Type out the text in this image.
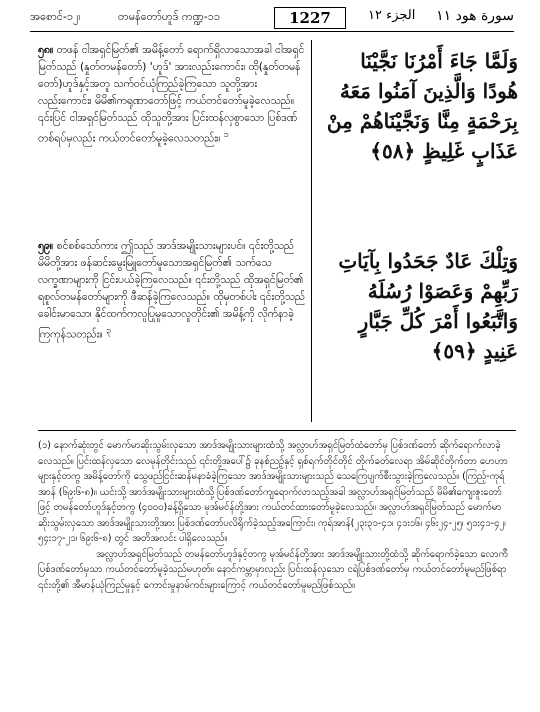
အစောင်-၁၂၊	တမန်တော်ဟူဒ် ကဏ္ဍ-၁၁	1227	الجزء ۱۲ سورة هود ۱۱
၅၈။ တဖန် ငါအရှင်မြတ်၏ အမိန့်တော် ရောက်ရှိလာသောအခါ ငါအရှင်မြတ်သည် (နှုတ်တမန်တော်) 'ဟူဒ်' အားလည်းကောင်း၊ ထို(နှုတ်တမန်တော်)ဟူဒ်နှင့်အတူ သက်ဝင်ယုံကြည်ခဲ့ကြသော သူတို့အားလည်းကောင်း၊ မိမိ၏ကရုဏာတော်ဖြင့် ကယ်တင်တော်မူခဲ့လေသည်။ ၎င်းပြင် ငါအရှင်မြတ်သည် ထိုသူတို့အား ပြင်းထန်လှစွာသော ပြစ်ဒဏ်တစ်ရပ်မှလည်း ကယ်တင်တော်မူခဲ့လေသတည်း။ $^၁$
وَلَمَّا جَاءَ أَمْرُنَا نَجَّيْنَا هُودًا وَالَّذِينَ آمَنُوا مَعَهُ بِرَحْمَةٍ مِنَّا وَنَجَّيْنَاهُمْ مِنْ عَذَابٍ غَلِيظٍ ﴿٥٨﴾
၅၉။ စင်စစ်သော်ကား ဤသည် အာဒ်အမျိုးသားများပင်။ ၎င်းတို့သည် မိမိတို့အား ဖန်ဆင်းမွေးမြူတော်မူသောအရှင်မြတ်၏ သက်သေလက္ခဏာများကို ငြင်းပယ်ခဲ့ကြလေသည်။ ၎င်းတို့သည် ထိုအရှင်မြတ်၏ ရစူလ်တမန်တော်များကို ဖီဆန်ခဲ့ကြလေသည်။ ထိုမှတစ်ပါး ၎င်းတို့သည် ခေါင်းမာသော၊ နိုင်ထက်ကလူပြုမူသောလူတိုင်း၏ အမိန့်ကို လိုက်နာခဲ့ကြကုန်သတည်း။ $^၃$
وَتِلْكَ عَادٌ جَحَدُوا بِآيَاتِ رَبِّهِمْ وَعَصَوْا رُسُلَهُ وَاتَّبَعُوا أَمْرَ كُلِّ جَبَّارٍ عَنِيدٍ ﴿٥٩﴾

(၁) နောက်ဆုံးတွင် မောက်မာဆိုးသွမ်းလှသော အာဒ်အမျိုးသားများထံသို့ အလ္လာဟ်အရှင်မြတ်ထံတော်မှ ပြစ်ဒဏ်တော် ဆိုက်ရောက်လာခဲ့လေသည်။ ပြင်းထန်လှသော လေမုန်တိုင်းသည် ၎င်းတို့အပေါ်၌ ခုနစ်ညဉ့်နှင့် ရှစ်ရက်တိုင်တိုင် တိုက်ခတ်လေရာ အိမ်ဆိုင်တိုက်တာ ဟေဟာများနှင့်တကွ အမိန့်တော်ကို သွေဖည်ငြင်းဆန်မနာခံခဲ့ကြသော အာဒ်အမျိုးသားများသည် သေကြေပျက်စီးသွားခဲ့ကြလေသည်။ (ကြည့်-ကုရ်အာန် (၆၉း၆-၈)။ ယင်းသို့ အာဒ်အမျိုးသားများထံသို့ ပြစ်ဒဏ်တော်ကျရောက်လာသည့်အခါ အလ္လာဟ်အရှင်မြတ်သည် မိမိ၏ကျေးဇူးတော်ဖြင့် တမန်တော်ဟူဒ်နှင့်တကွ (၄၀၀၀)ခန့်ရှိသော မုအ်မင်န်တို့အား ကယ်တင်ထားတော်မူခဲ့လေသည်။ အလ္လာဟ်အရှင်မြတ်သည် မောက်မာဆိုးသွမ်းလှသော အာဒ်အမျိုးသားတို့အား ပြစ်ဒဏ်တော်ပလိရိုက်ခဲ့သည့်အကြောင်း၊ ကုရ်အာန်(၂၃း၃၁-၄၁၊ ၄၁း၁၆၊ ၄၆း၂၄-၂၅၊ ၅၁း၄၁-၄၂၊ ၅၄း၁၇-၂၁၊ ၆၉း၆-၈) တွင် အတိအလင်း ပါရှိလေသည်။

အလ္လာဟ်အရှင်မြတ်သည် တမန်တော်ဟူဒ်နှင့်တကွ မုအ်မင်န်တို့အား အာဒ်အမျိုးသားတို့ထံသို့ ဆိုက်ရောက်ခဲ့သော လောကီပြစ်ဒဏ်တော်မှသာ ကယ်တင်တော်မူခဲ့သည်မဟုတ်။ နောင်ကမ္ဘာမှာလည်း ပြင်းထန်လှသော ငရဲပြစ်ဒဏ်တော်မှ ကယ်တင်တော်မူမည်ဖြစ်ရာ ၎င်းတို့၏ အီမာန်ယုံကြည်မှုနှင့် ကောင်းမှုနာမ်ကင်းများကြောင့် ကယ်တင်တော်မူမည်ဖြစ်သည်။
